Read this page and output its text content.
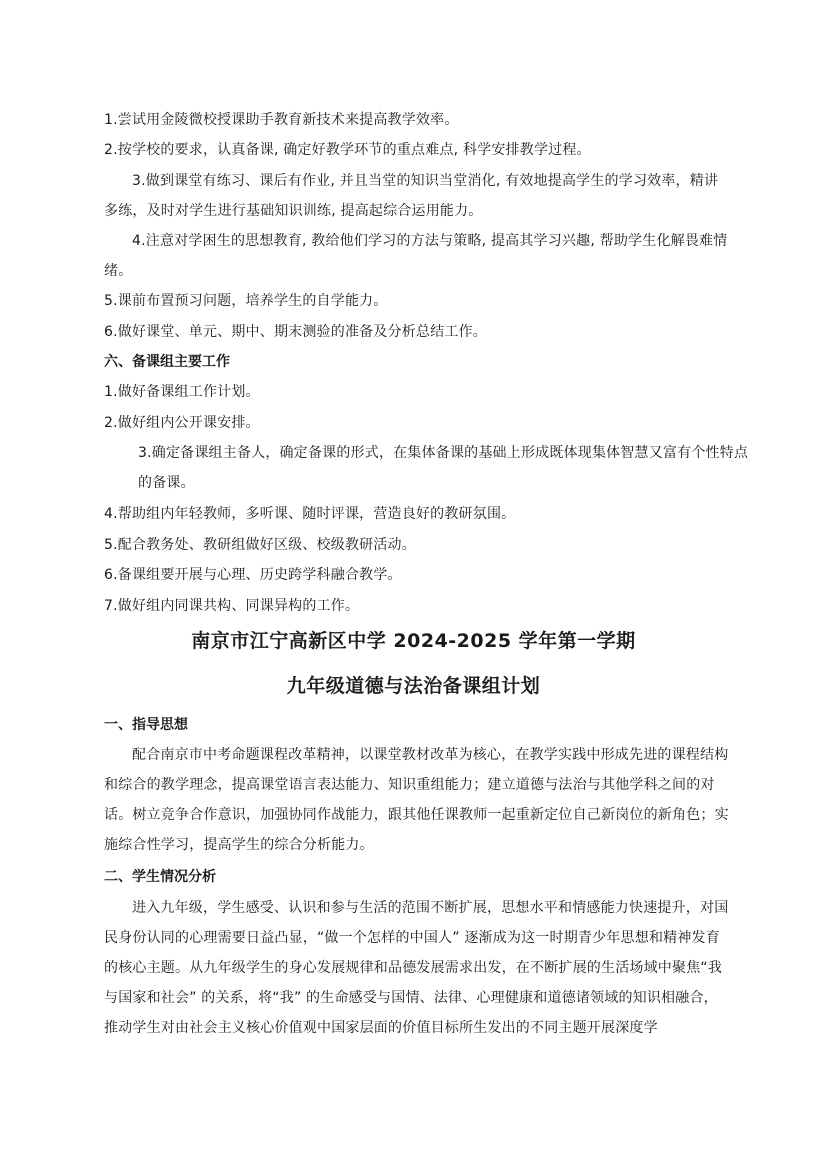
1.尝试用金陵微校授课助手教育新技术来提高教学效率。
2.按学校的要求，认真备课, 确定好教学环节的重点难点, 科学安排教学过程。
3.做到课堂有练习、课后有作业, 并且当堂的知识当堂消化, 有效地提高学生的学习效率，精讲多练，及时对学生进行基础知识训练, 提高起综合运用能力。
4.注意对学困生的思想教育, 教给他们学习的方法与策略, 提高其学习兴趣, 帮助学生化解畏难情绪。
5.课前布置预习问题，培养学生的自学能力。
6.做好课堂、单元、期中、期末测验的准备及分析总结工作。
六、备课组主要工作
1.做好备课组工作计划。
2.做好组内公开课安排。
3.确定备课组主备人，确定备课的形式，在集体备课的基础上形成既体现集体智慧又富有个性特点的备课。
4.帮助组内年轻教师，多听课、随时评课，营造良好的教研氛围。
5.配合教务处、教研组做好区级、校级教研活动。
6.备课组要开展与心理、历史跨学科融合教学。
7.做好组内同课共构、同课异构的工作。
南京市江宁高新区中学 2024-2025 学年第一学期
九年级道德与法治备课组计划
一、指导思想
配合南京市中考命题课程改革精神，以课堂教材改革为核心，在教学实践中形成先进的课程结构和综合的教学理念，提高课堂语言表达能力、知识重组能力；建立道德与法治与其他学科之间的对话。树立竞争合作意识，加强协同作战能力，跟其他任课教师一起重新定位自己新岗位的新角色；实施综合性学习，提高学生的综合分析能力。
二、学生情况分析
进入九年级，学生感受、认识和参与生活的范围不断扩展，思想水平和情感能力快速提升，对国民身份认同的心理需要日益凸显，“做一个怎样的中国人” 逐渐成为这一时期青少年思想和精神发育的核心主题。从九年级学生的身心发展规律和品德发展需求出发，在不断扩展的生活场域中聚焦“我与国家和社会” 的关系，将“我” 的生命感受与国情、法律、心理健康和道德诸领域的知识相融合，推动学生对由社会主义核心价值观中国家层面的价值目标所生发出的不同主题开展深度学
